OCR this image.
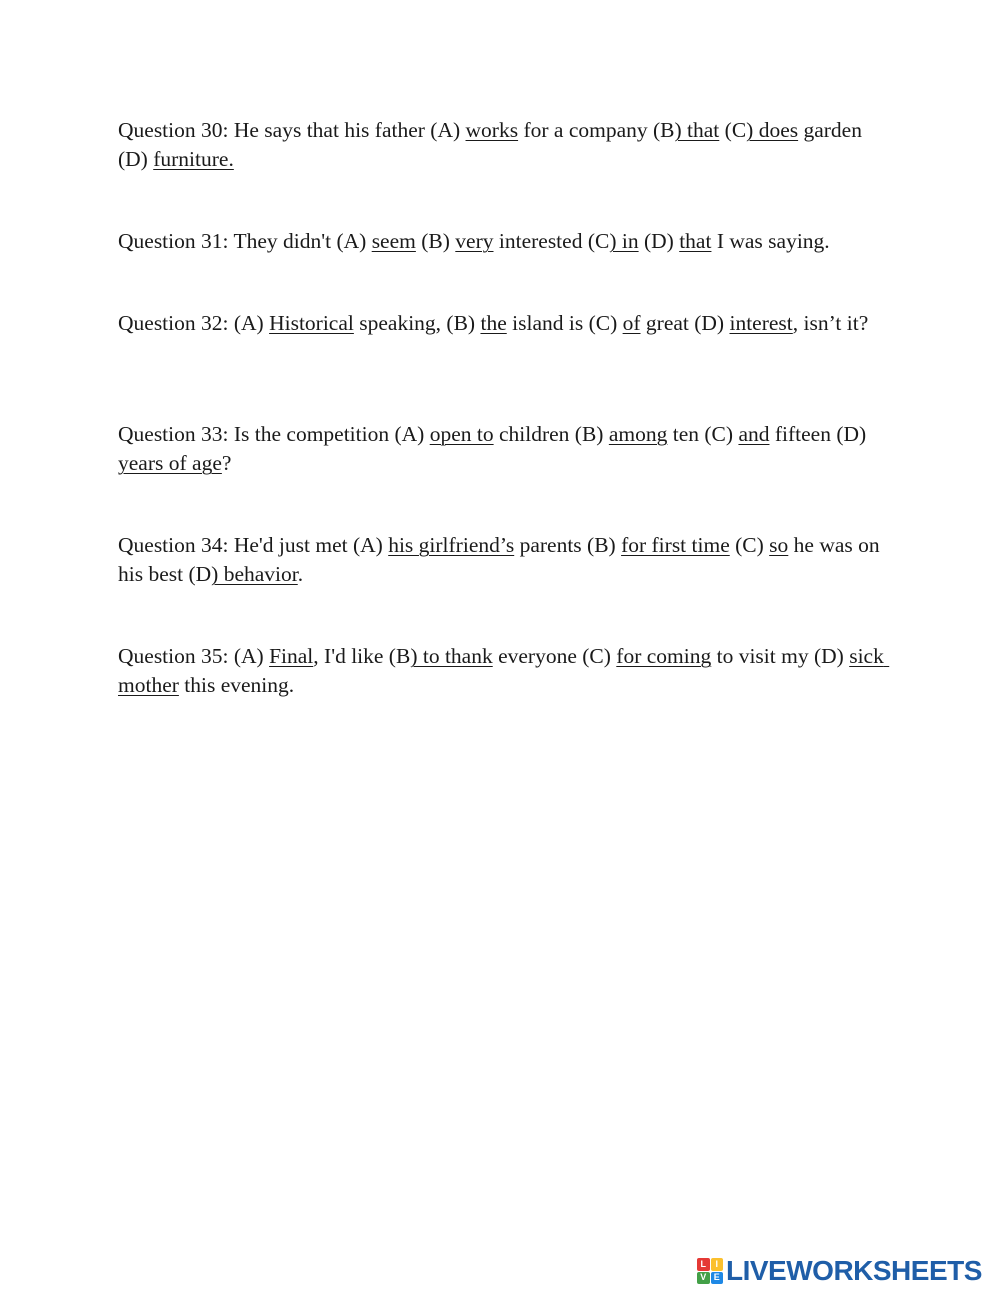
Question 30: He says that his father (A) works for a company (B) that (C) does garden (D) furniture.

Question 31: They didn't (A) seem (B) very interested (C) in (D) that I was saying.

Question 32: (A) Historical speaking, (B) the island is (C) of great (D) interest, isn’t it?

Question 33: Is the competition (A) open to children (B) among ten (C) and fifteen (D) years of age?

Question 34: He'd just met (A) his girlfriend’s parents (B) for first time (C) so he was on his best (D) behavior.

Question 35: (A) Final, I'd like (B) to thank everyone (C) for coming to visit my (D) sick mother this evening.

L	I
V E LIVEWORKSHEETS
